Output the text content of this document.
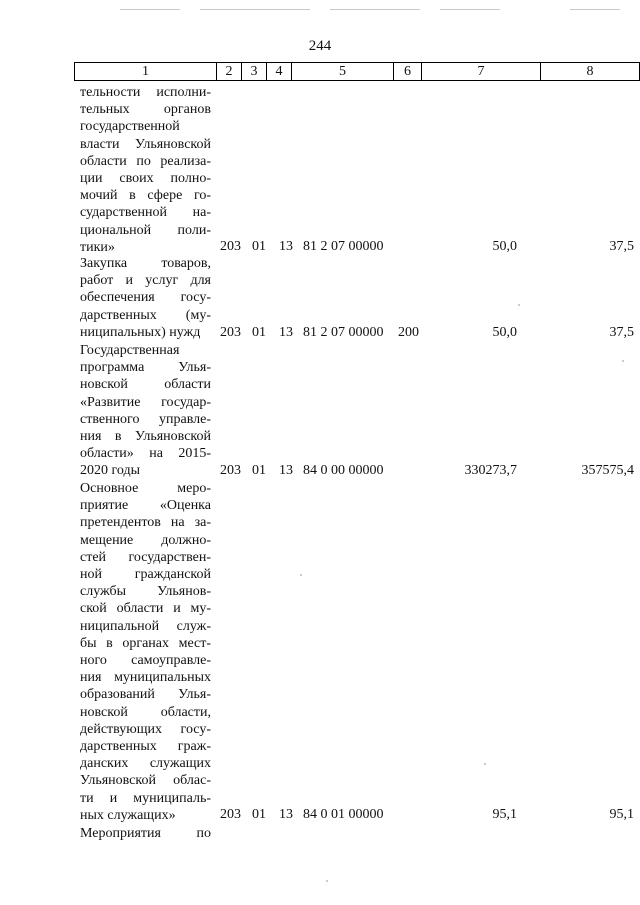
244
1	2	3	4	5	6	7	8
тельности исполни-
тельных органов
государственной
власти Ульяновской
области по реализа-
ции своих полно-
мочий в сфере го-
сударственной на-
циональной поли-
тики»	203 01 13 81 2 07 00000	50,0	37,5
Закупка товаров,
работ и услуг для
обеспечения госу-
дарственных (му-
ниципальных) нужд	203 01 13 81 2 07 00000 200	50,0	37,5
Государственная
программа Улья-
новской области
«Развитие государ-
ственного управле-
ния в Ульяновской
области» на 2015-
2020 годы	203 01 13 84 0 00 00000	330273,7	357575,4
Основное меро-
приятие «Оценка
претендентов на за-
мещение должно-
стей государствен-
ной гражданской
службы Ульянов-
ской области и му-
ниципальной служ-
бы в органах мест-
ного самоуправле-
ния муниципальных
образований Улья-
новской области,
действующих госу-
дарственных граж-
данских служащих
Ульяновской облас-
ти и муниципаль-
ных служащих»	203 01 13 84 0 01 00000	95,1	95,1
Мероприятия по
